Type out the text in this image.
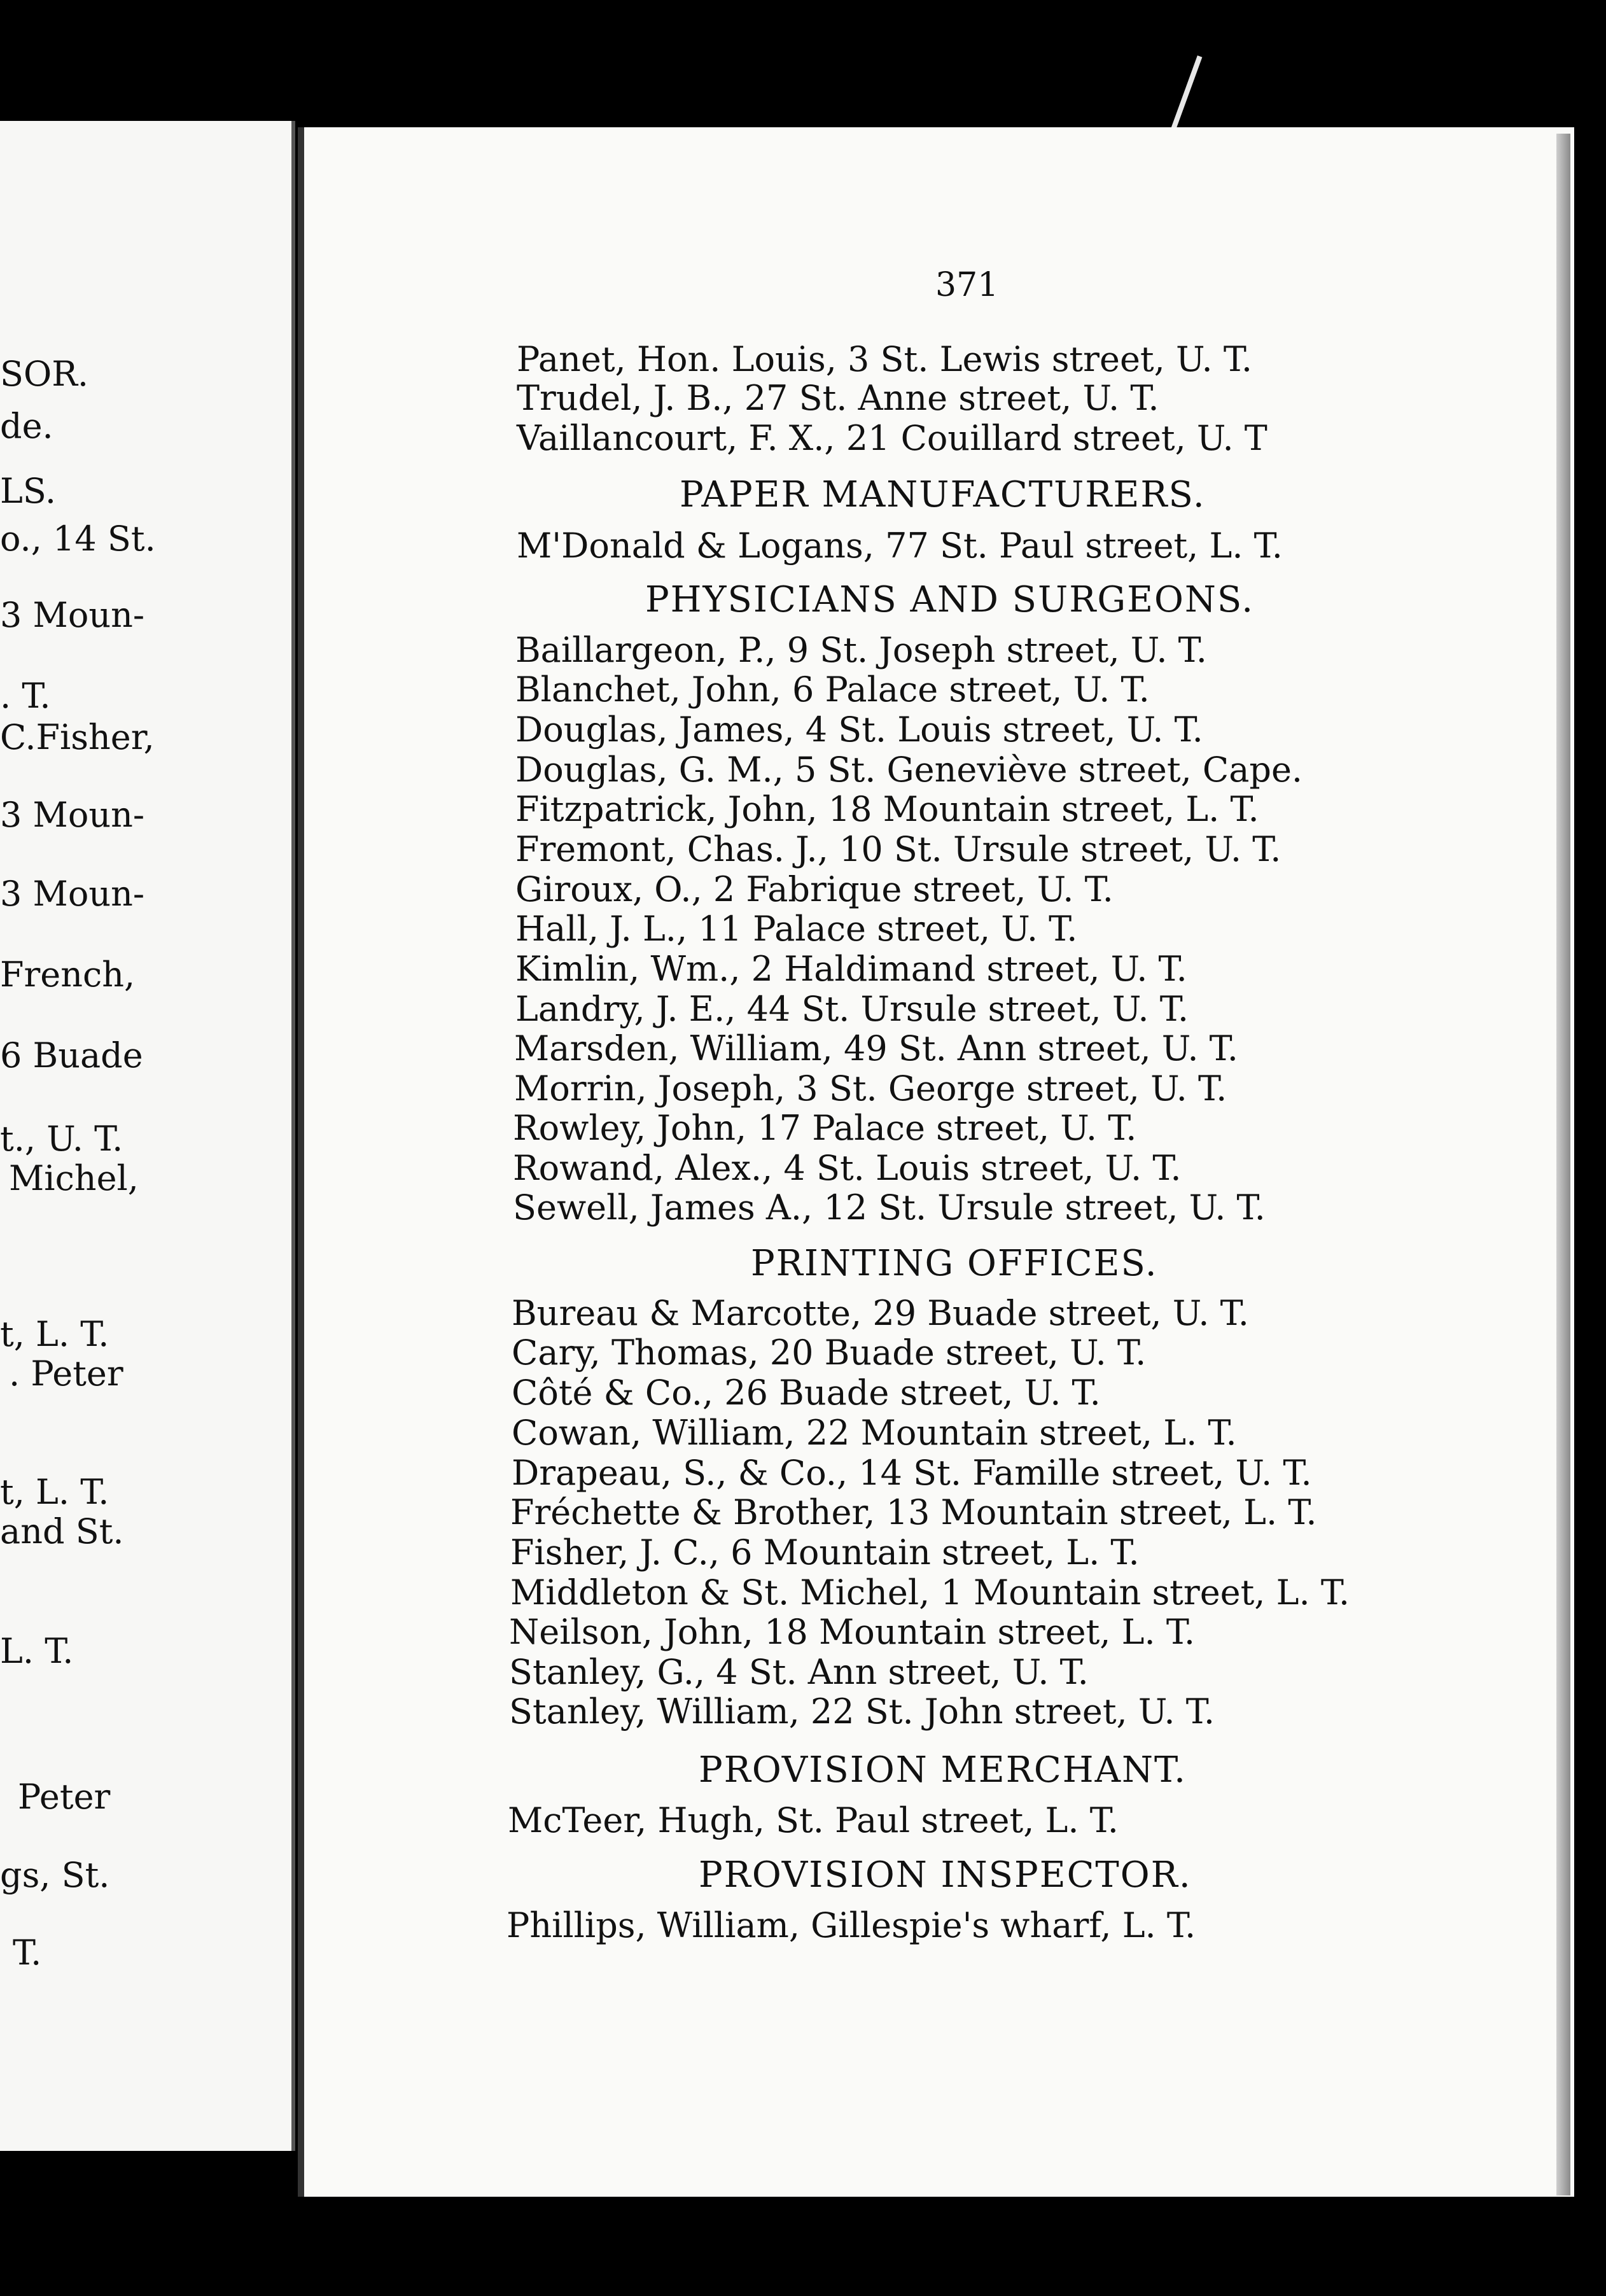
SOR.
de.
LS.
o., 14 St.
3 Moun-
. T.
C.Fisher,
3 Moun-
3 Moun-
French,
6 Buade
t., U. T.
Michel,
t, L. T.
. Peter
t, L. T.
and St.
L. T.
Peter
gs, St.
T.
371
Panet, Hon. Louis, 3 St. Lewis street, U. T.
Trudel, J. B., 27 St. Anne street, U. T.
Vaillancourt, F. X., 21 Couillard street, U. T
PAPER MANUFACTURERS.
M'Donald & Logans, 77 St. Paul street, L. T.
PHYSICIANS AND SURGEONS.
Baillargeon, P., 9 St. Joseph street, U. T.
Blanchet, John, 6 Palace street, U. T.
Douglas, James, 4 St. Louis street, U. T.
Douglas, G. M., 5 St. Geneviève street, Cape.
Fitzpatrick, John, 18 Mountain street, L. T.
Fremont, Chas. J., 10 St. Ursule street, U. T.
Giroux, O., 2 Fabrique street, U. T.
Hall, J. L., 11 Palace street, U. T.
Kimlin, Wm., 2 Haldimand street, U. T.
Landry, J. E., 44 St. Ursule street, U. T.
Marsden, William, 49 St. Ann street, U. T.
Morrin, Joseph, 3 St. George street, U. T.
Rowley, John, 17 Palace street, U. T.
Rowand, Alex., 4 St. Louis street, U. T.
Sewell, James A., 12 St. Ursule street, U. T.
PRINTING OFFICES.
Bureau & Marcotte, 29 Buade street, U. T.
Cary, Thomas, 20 Buade street, U. T.
Côté & Co., 26 Buade street, U. T.
Cowan, William, 22 Mountain street, L. T.
Drapeau, S., & Co., 14 St. Famille street, U. T.
Fréchette & Brother, 13 Mountain street, L. T.
Fisher, J. C., 6 Mountain street, L. T.
Middleton & St. Michel, 1 Mountain street, L. T.
Neilson, John, 18 Mountain street, L. T.
Stanley, G., 4 St. Ann street, U. T.
Stanley, William, 22 St. John street, U. T.
PROVISION MERCHANT.
McTeer, Hugh, St. Paul street, L. T.
PROVISION INSPECTOR.
Phillips, William, Gillespie's wharf, L. T.
